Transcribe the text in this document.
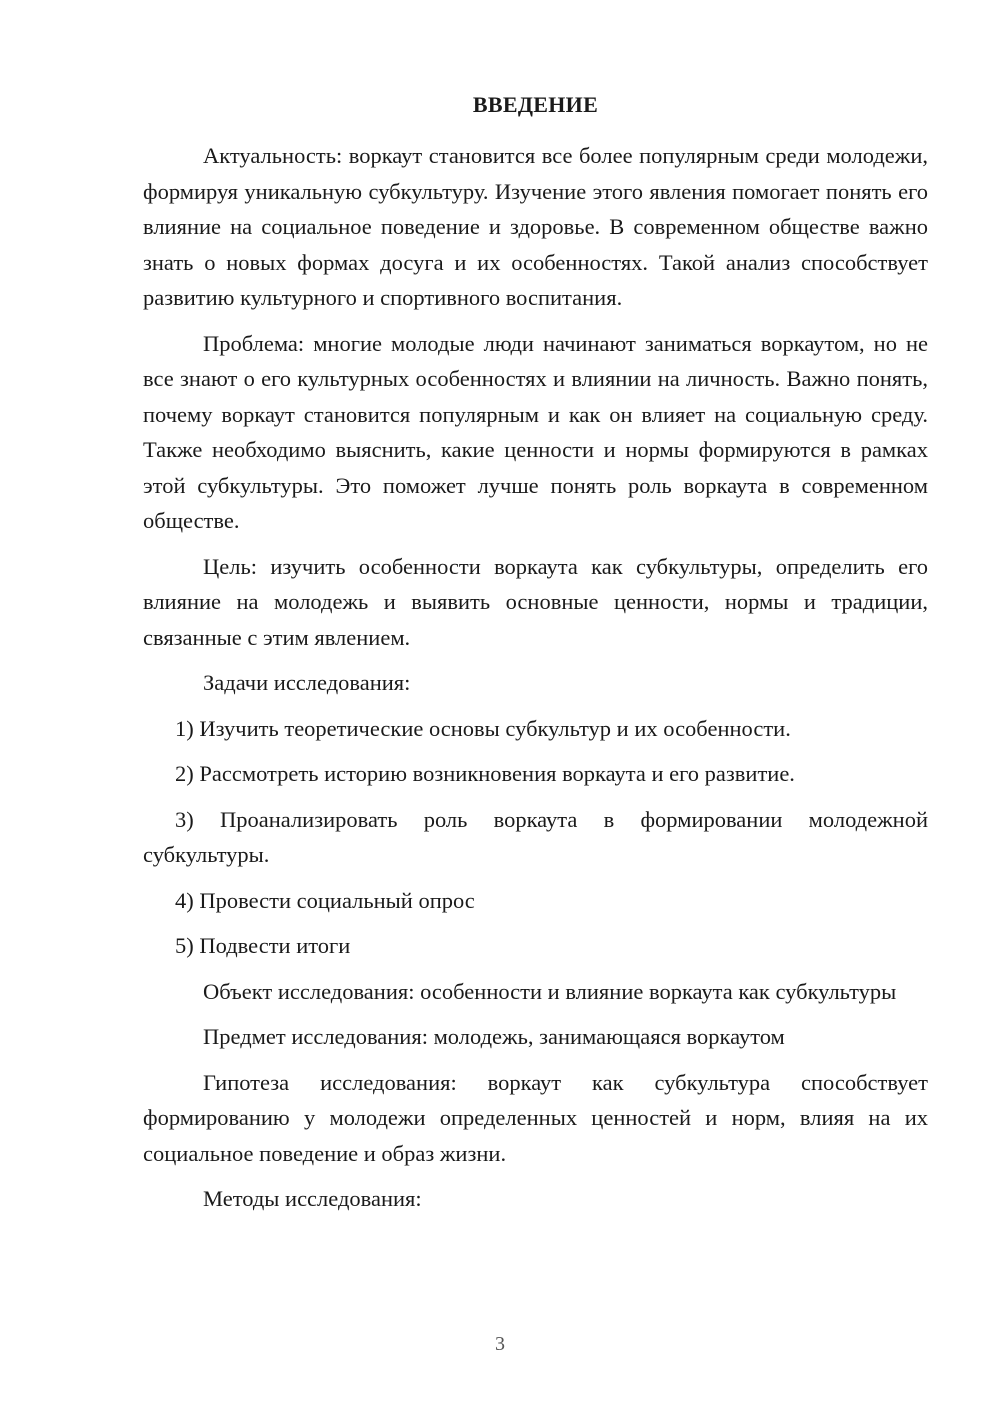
ВВЕДЕНИЕ

Актуальность: воркаут становится все более популярным среди молодежи, формируя уникальную субкультуру. Изучение этого явления помогает понять его влияние на социальное поведение и здоровье. В современном обществе важно знать о новых формах досуга и их особенностях. Такой анализ способствует развитию культурного и спортивного воспитания.

Проблема: многие молодые люди начинают заниматься воркаутом, но не все знают о его культурных особенностях и влиянии на личность. Важно понять, почему воркаут становится популярным и как он влияет на социальную среду. Также необходимо выяснить, какие ценности и нормы формируются в рамках этой субкультуры. Это поможет лучше понять роль воркаута в современном обществе.

Цель: изучить особенности воркаута как субкультуры, определить его влияние на молодежь и выявить основные ценности, нормы и традиции, связанные с этим явлением.

Задачи исследования:

1) Изучить теоретические основы субкультур и их особенности.

2) Рассмотреть историю возникновения воркаута и его развитие.

3) Проанализировать роль воркаута в формировании молодежной субкультуры.

4) Провести социальный опрос

5) Подвести итоги

Объект исследования: особенности и влияние воркаута как субкультуры

Предмет исследования: молодежь, занимающаяся воркаутом

Гипотеза исследования: воркаут как субкультура способствует формированию у молодежи определенных ценностей и норм, влияя на их социальное поведение и образ жизни.

Методы исследования:

3
